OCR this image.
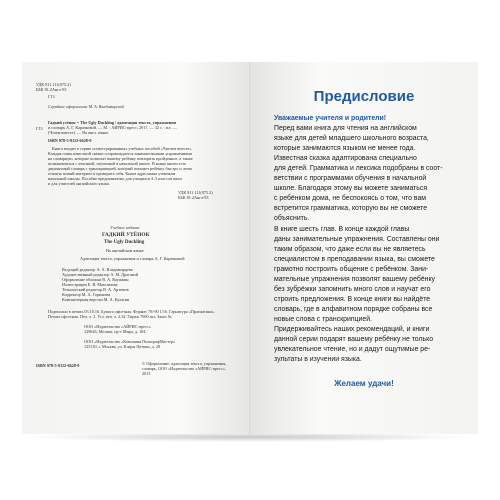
УДК 811.111(075.2)
ББК 81.2Англ-93
Г13
Серийное оформление М. А. Владимирской
Г13
Гадкий утёнок = The Ugly Duckling / адаптация текста, упражнения
и словарь А. Г. Карачковой. — М. : АЙРИС-пресс, 2017. — 32 с. : ил. —
(Чтаем вместе). — На англ. языке.
ISBN 978-5-8112-6628-9
Книга входит в серию иллюстрированных учебных пособий «Читаем вместе».
Каждая глава известной сказки сопровождается занимательными упражнениями
на словарную, которые позволят вашему ребёнку повторить пройденное, а также
познакомиться с лексикой, изученной в начальной школе. В конце книги есть
двуязычный словарь с транскрипцией, который поможет ребёнку быстро и легко
освоить новый материал и проверить себя. Книга адресована ученикам
начальной школы. Пособие предназначено для учащихся 4–5 классов школ
и для учителей английского языка.
УДК 811.111(075.2)
ББК 81.2Англ-93
Учебное издание
ГАДКИЙ УТЁНОК
The Ugly Duckling
На английском языке
Адаптация текста, упражнения и словарь А. Г. Карачковой
Ведущий редактор А. А. Владимирцева
Художественный редактор А. М. Драгавой
Оформление обложки В. А. Ваушкин
Иллюстрации Е. В. Максимова
Технический редактор В. А. Артемов
Корректор М. А. Горюнова
Компьютерная верстка М. А. Кулагин
Подписано в печать 03.10.16. Бумага офсетная. Формат 70×90 1/16. Гарнитура «Прагматика».
Печать офсетная. Печ. л. 2. Усл. печ. л. 2,32. Тираж 7000 экз. Заказ №
ООО «Издательство «АЙРИС-пресс»
129626, Москва, пр-т Мира, д. 104.
ООО «Издательство «Компания ПолиграфМастер»
125130, г. Москва, ул. Клары Цеткин, д. 28
ISBN 978-5-8112-6628-9	© Оформление, адаптация текста, упражнения,
словарь, ООО «Издательство «АЙРИС-пресс»,
2013
Предисловие
Уважаемые учителя и родители!
Перед вами книга для чтения на английском
языке для детей младшего школьного возраста,
которые занимаются языком не менее года.
Известная сказка адаптирована специально
для детей. Грамматика и лексика подобраны в соот-
ветствии с программами обучения в начальной
школе. Благодаря этому вы можете заниматься
с ребёнком дома, не беспокоясь о том, что вам
встретится грамматика, которую вы не сможете
объяснить.
В книге шесть глав. В конце каждой главы
даны занимательные упражнения. Составлены они
таким образом, что даже если вы не являетесь
специалистом в преподавании языка, вы сможете
грамотно построить общение с ребёнком. Зани-
мательные упражнения позволят вашему ребёнку
без зубрёжки запомнить много слов и научат его
строить предложения. В конце книги вы найдёте
словарь, где в алфавитном порядке собраны все
новые слова с транскрипцией.
Придерживайтесь наших рекомендаций, и книги
данной серии подарят вашему ребёнку не только
увлекательное чтение, но и дадут ощутимые ре-
зультаты в изучении языка.
Желаем удачи!
